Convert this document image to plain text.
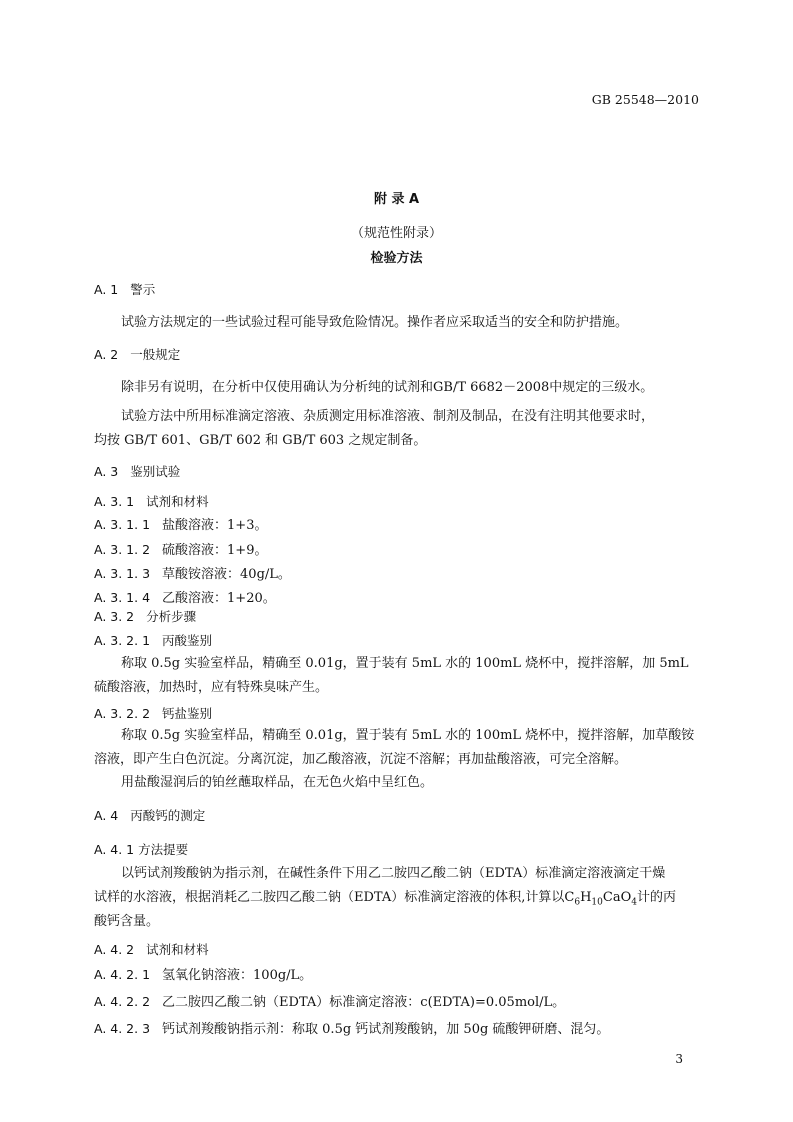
GB 25548—2010
附 录 A
（规范性附录）
检验方法
A. 1 警示
试验方法规定的一些试验过程可能导致危险情况。操作者应采取适当的安全和防护措施。
A. 2 一般规定
除非另有说明，在分析中仅使用确认为分析纯的试剂和GB/T 6682－2008中规定的三级水。
试验方法中所用标准滴定溶液、杂质测定用标准溶液、制剂及制品，在没有注明其他要求时，
均按 GB/T 601、GB/T 602 和 GB/T 603 之规定制备。
A. 3 鉴别试验
A. 3. 1 试剂和材料
A. 3. 1. 1 盐酸溶液：1+3。
A. 3. 1. 2 硫酸溶液：1+9。
A. 3. 1. 3 草酸铵溶液：40g/L。
A. 3. 1. 4 乙酸溶液：1+20。
A. 3. 2 分析步骤
A. 3. 2. 1 丙酸鉴别
称取 0.5g 实验室样品，精确至 0.01g，置于装有 5mL 水的 100mL 烧杯中，搅拌溶解，加 5mL
硫酸溶液，加热时，应有特殊臭味产生。
A. 3. 2. 2 钙盐鉴别
称取 0.5g 实验室样品，精确至 0.01g，置于装有 5mL 水的 100mL 烧杯中，搅拌溶解，加草酸铵
溶液，即产生白色沉淀。分离沉淀，加乙酸溶液，沉淀不溶解；再加盐酸溶液，可完全溶解。
用盐酸湿润后的铂丝蘸取样品，在无色火焰中呈红色。
A. 4 丙酸钙的测定
A. 4. 1 方法提要
以钙试剂羧酸钠为指示剂，在碱性条件下用乙二胺四乙酸二钠（EDTA）标准滴定溶液滴定干燥
试样的水溶液，根据消耗乙二胺四乙酸二钠（EDTA）标准滴定溶液的体积,计算以$C_6H_{10}CaO_4$计的丙
酸钙含量。
A. 4. 2 试剂和材料
A. 4. 2. 1 氢氧化钠溶液：100g/L。
A. 4. 2. 2 乙二胺四乙酸二钠（EDTA）标准滴定溶液：c(EDTA)=0.05mol/L。
A. 4. 2. 3 钙试剂羧酸钠指示剂：称取 0.5g 钙试剂羧酸钠，加 50g 硫酸钾研磨、混匀。
3
